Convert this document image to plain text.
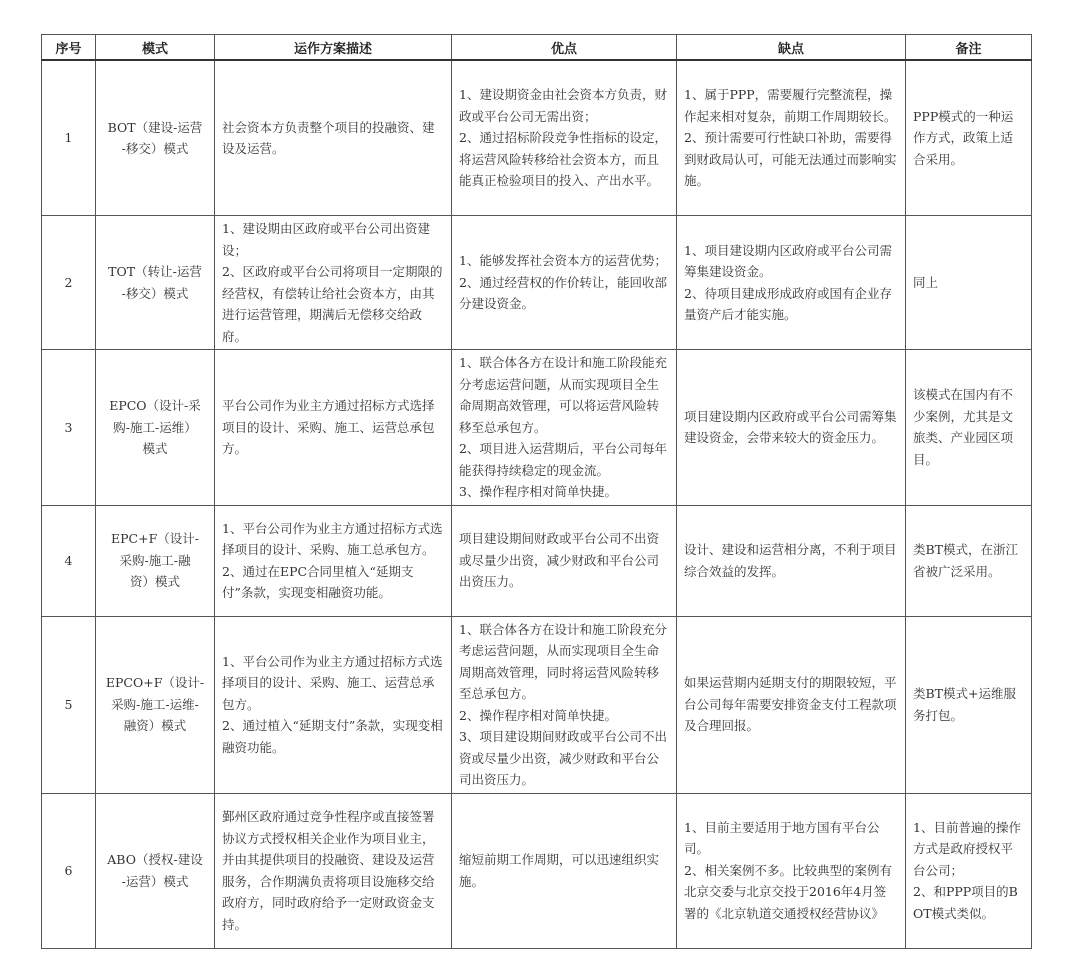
序号	模式	运作方案描述	优点	缺点	备注
1	BOT（建设-运营
-移交）模式	社会资本方负责整个项目的投融资、建设及运营。	1、建设期资金由社会资本方负责，财政或平台公司无需出资；
2、通过招标阶段竞争性指标的设定，将运营风险转移给社会资本方，而且能真正检验项目的投入、产出水平。	1、属于PPP，需要履行完整流程，操作起来相对复杂，前期工作周期较长。
2、预计需要可行性缺口补助，需要得到财政局认可，可能无法通过而影响实施。	PPP模式的一种运作方式，政策上适合采用。

2	TOT（转让-运营
-移交）模式	1、建设期由区政府或平台公司出资建设；
2、区政府或平台公司将项目一定期限的经营权，有偿转让给社会资本方，由其进行运营管理，期满后无偿移交给政府。	1、能够发挥社会资本方的运营优势；
2、通过经营权的作价转让，能回收部分建设资金。	1、项目建设期内区政府或平台公司需筹集建设资金。
2、待项目建成形成政府或国有企业存量资产后才能实施。	同上

3	EPCO（设计-采
购-施工-运维）
模式	平台公司作为业主方通过招标方式选择项目的设计、采购、施工、运营总承包方。	1、联合体各方在设计和施工阶段能充分考虑运营问题，从而实现项目全生命周期高效管理，可以将运营风险转移至总承包方。
2、项目进入运营期后，平台公司每年能获得持续稳定的现金流。
3、操作程序相对简单快捷。	项目建设期内区政府或平台公司需筹集建设资金，会带来较大的资金压力。	该模式在国内有不少案例，尤其是文旅类、产业园区项目。

4	EPC+F（设计-
采购-施工-融
资）模式	1、平台公司作为业主方通过招标方式选择项目的设计、采购、施工总承包方。
2、通过在EPC合同里植入“延期支付”条款，实现变相融资功能。	项目建设期间财政或平台公司不出资或尽量少出资，减少财政和平台公司出资压力。	设计、建设和运营相分离，不利于项目综合效益的发挥。	类BT模式，在浙江省被广泛采用。

5	EPCO+F（设计-
采购-施工-运维-
融资）模式	1、平台公司作为业主方通过招标方式选择项目的设计、采购、施工、运营总承包方。
2、通过植入“延期支付”条款，实现变相融资功能。	1、联合体各方在设计和施工阶段充分考虑运营问题，从而实现项目全生命周期高效管理，同时将运营风险转移至总承包方。
2、操作程序相对简单快捷。
3、项目建设期间财政或平台公司不出资或尽量少出资，减少财政和平台公司出资压力。	如果运营期内延期支付的期限较短，平台公司每年需要安排资金支付工程款项及合理回报。	类BT模式+运维服务打包。

6	ABO（授权-建设
-运营）模式	鄞州区政府通过竞争性程序或直接签署协议方式授权相关企业作为项目业主，并由其提供项目的投融资、建设及运营服务，合作期满负责将项目设施移交给政府方，同时政府给予一定财政资金支持。	缩短前期工作周期，可以迅速组织实施。	1、目前主要适用于地方国有平台公司。
2、相关案例不多。比较典型的案例有北京交委与北京交投于2016年4月签署的《北京轨道交通授权经营协议》	1、目前普遍的操作方式是政府授权平台公司；
2、和PPP项目的BOT模式类似。
